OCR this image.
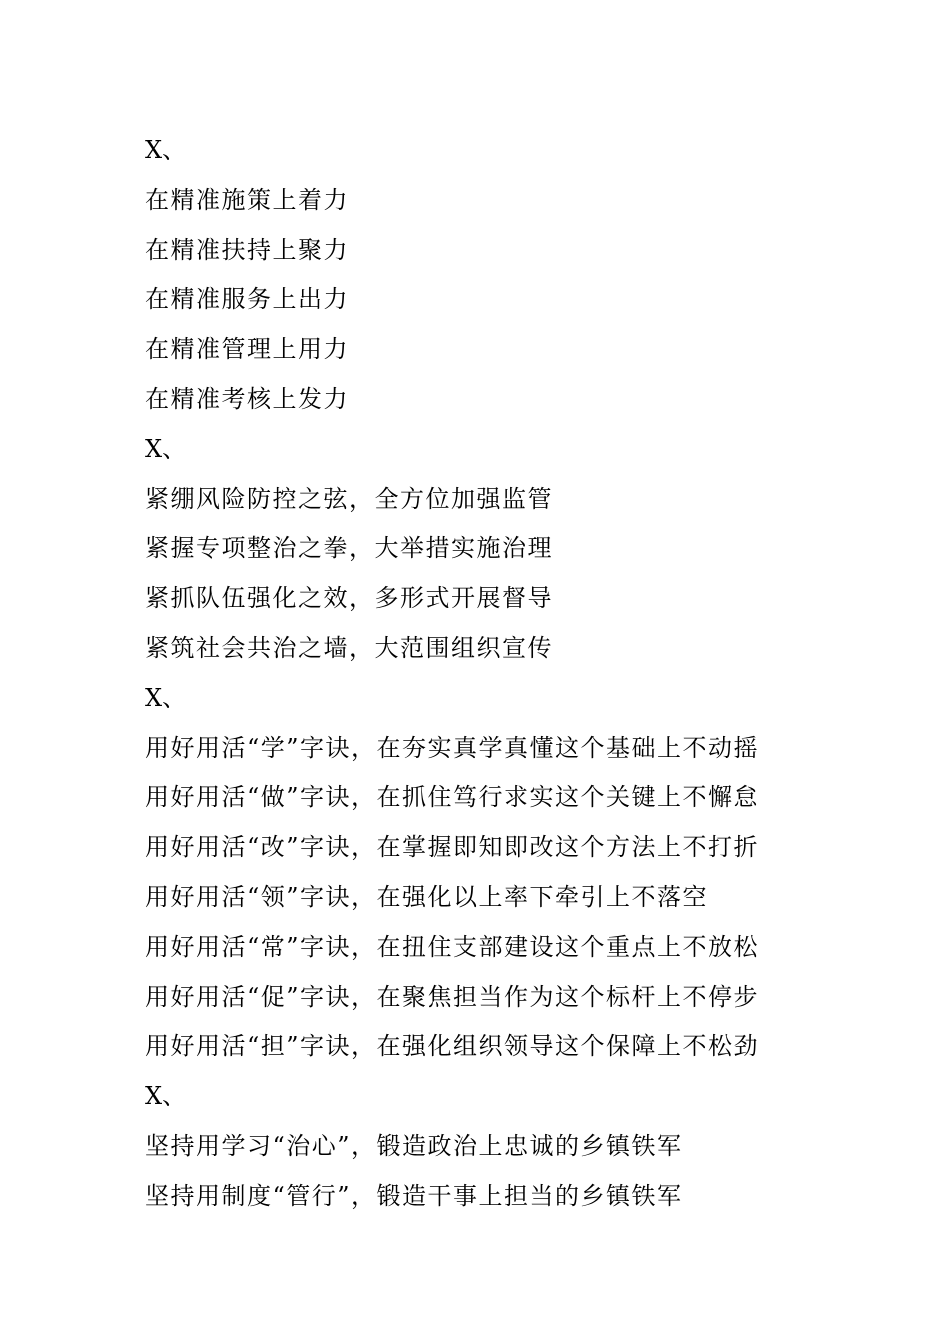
X、
在精准施策上着力
在精准扶持上聚力
在精准服务上出力
在精准管理上用力
在精准考核上发力
X、
紧绷风险防控之弦，全方位加强监管
紧握专项整治之拳，大举措实施治理
紧抓队伍强化之效，多形式开展督导
紧筑社会共治之墙，大范围组织宣传
X、
用好用活“学”字诀，在夯实真学真懂这个基础上不动摇
用好用活“做”字诀，在抓住笃行求实这个关键上不懈怠
用好用活“改”字诀，在掌握即知即改这个方法上不打折
用好用活“领”字诀，在强化以上率下牵引上不落空
用好用活“常”字诀，在扭住支部建设这个重点上不放松
用好用活“促”字诀，在聚焦担当作为这个标杆上不停步
用好用活“担”字诀，在强化组织领导这个保障上不松劲
X、
坚持用学习“治心”，锻造政治上忠诚的乡镇铁军
坚持用制度“管行”，锻造干事上担当的乡镇铁军
